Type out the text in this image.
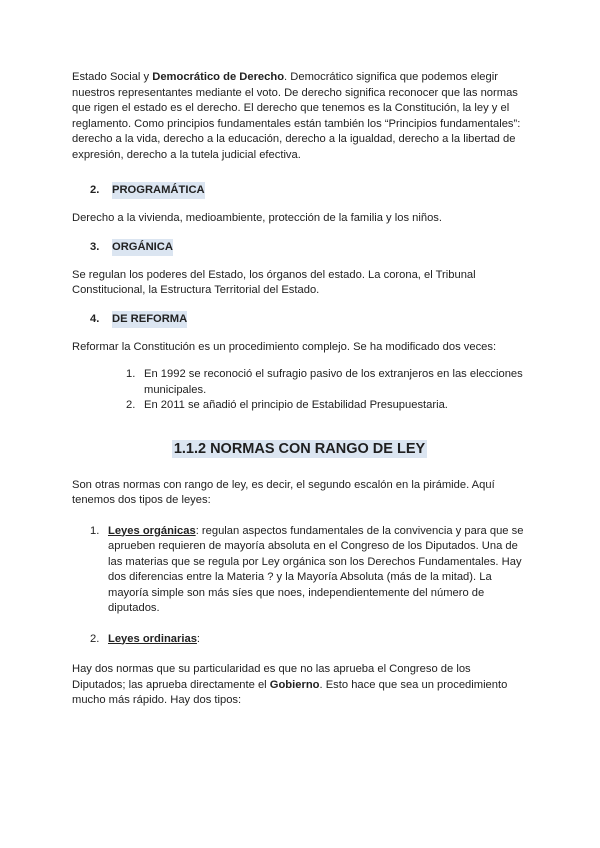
Estado Social y Democrático de Derecho. Democrático significa que podemos elegir nuestros representantes mediante el voto. De derecho significa reconocer que las normas que rigen el estado es el derecho. El derecho que tenemos es la Constitución, la ley y el reglamento. Como principios fundamentales están también los “Principios fundamentales”: derecho a la vida, derecho a la educación, derecho a la igualdad, derecho a la libertad de expresión, derecho a la tutela judicial efectiva.

2.	PROGRAMÁTICA

Derecho a la vivienda, medioambiente, protección de la familia y los niños.

3.	ORGÁNICA

Se regulan los poderes del Estado, los órganos del estado. La corona, el Tribunal Constitucional, la Estructura Territorial del Estado.

4.	DE REFORMA

Reformar la Constitución es un procedimiento complejo. Se ha modificado dos veces:

1. En 1992 se reconoció el sufragio pasivo de los extranjeros en las elecciones municipales.
2. En 2011 se añadió el principio de Estabilidad Presupuestaria.
1.1.2 NORMAS CON RANGO DE LEY

Son otras normas con rango de ley, es decir, el segundo escalón en la pirámide. Aquí tenemos dos tipos de leyes:

1. Leyes orgánicas: regulan aspectos fundamentales de la convivencia y para que se aprueben requieren de mayoría absoluta en el Congreso de los Diputados. Una de las materias que se regula por Ley orgánica son los Derechos Fundamentales. Hay dos diferencias entre la Materia ? y la Mayoría Absoluta (más de la mitad). La mayoría simple son más síes que noes, independientemente del número de diputados.
2. Leyes ordinarias:

Hay dos normas que su particularidad es que no las aprueba el Congreso de los Diputados; las aprueba directamente el Gobierno. Esto hace que sea un procedimiento mucho más rápido. Hay dos tipos:
